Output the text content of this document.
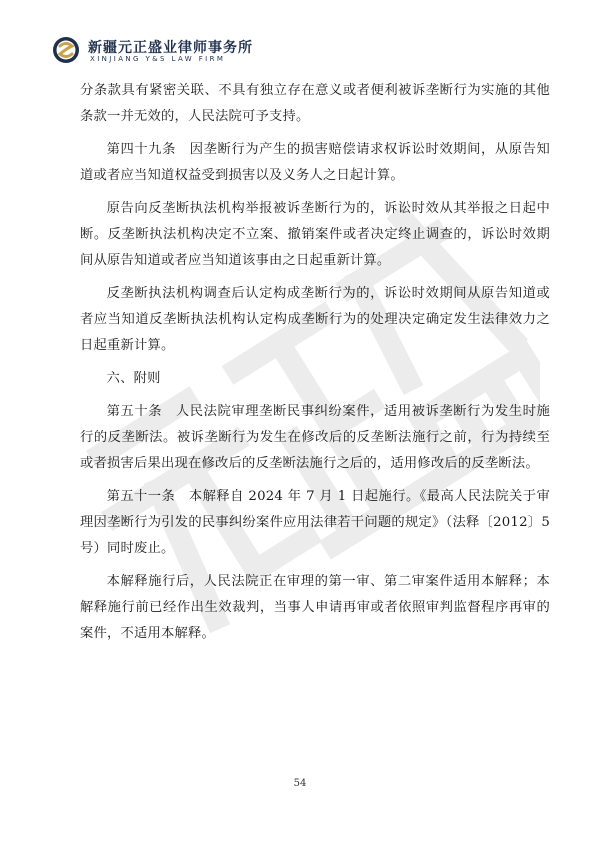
新疆元正盛业律师事务所
XINJIANG Y&S LAW FIRM

分条款具有紧密关联、不具有独立存在意义或者便利被诉垄断行为实施的其他条款一并无效的，人民法院可予支持。

第四十九条　因垄断行为产生的损害赔偿请求权诉讼时效期间，从原告知道或者应当知道权益受到损害以及义务人之日起计算。

原告向反垄断执法机构举报被诉垄断行为的，诉讼时效从其举报之日起中断。反垄断执法机构决定不立案、撤销案件或者决定终止调查的，诉讼时效期间从原告知道或者应当知道该事由之日起重新计算。

反垄断执法机构调查后认定构成垄断行为的，诉讼时效期间从原告知道或者应当知道反垄断执法机构认定构成垄断行为的处理决定确定发生法律效力之日起重新计算。

六、附则

第五十条　人民法院审理垄断民事纠纷案件，适用被诉垄断行为发生时施行的反垄断法。被诉垄断行为发生在修改后的反垄断法施行之前，行为持续至或者损害后果出现在修改后的反垄断法施行之后的，适用修改后的反垄断法。

第五十一条　本解释自 2024 年 7 月 1 日起施行。《最高人民法院关于审理因垄断行为引发的民事纠纷案件应用法律若干问题的规定》（法释〔2012〕5 号）同时废止。

本解释施行后，人民法院正在审理的第一审、第二审案件适用本解释；本解释施行前已经作出生效裁判，当事人申请再审或者依照审判监督程序再审的案件，不适用本解释。

54
